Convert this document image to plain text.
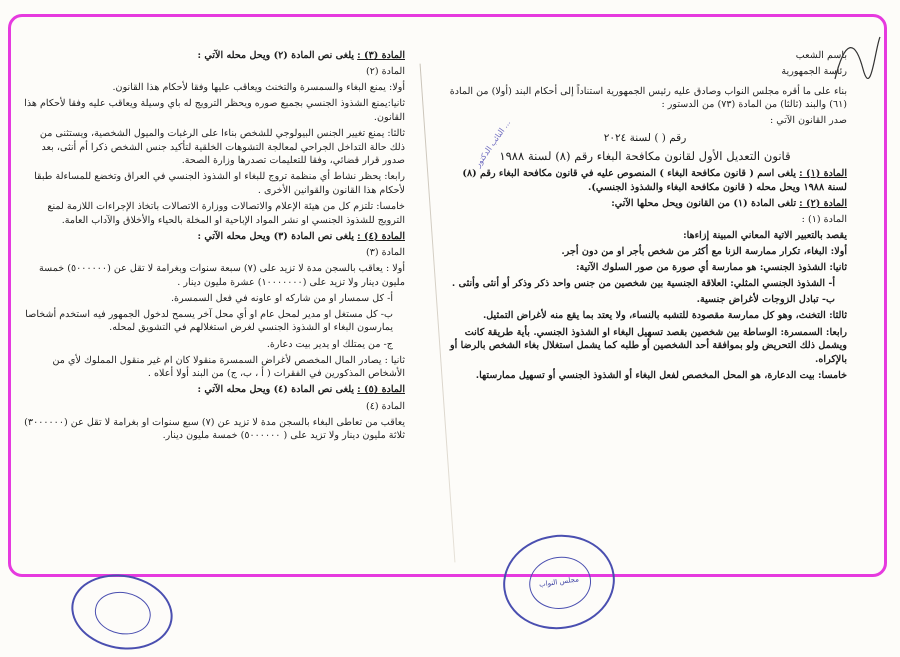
باسم الشعب

رئاسة الجمهورية

بناء على ما أقره مجلس النواب وصادق عليه رئيس الجمهورية استناداً إلى أحكام البند (أولا) من المادة (٦١) والبند (ثالثا) من المادة (٧٣) من الدستور :

صدر القانون الآتي :

رقم ( ) لسنة ٢٠٢٤

قانون التعديل الأول لقانون مكافحة البغاء رقم (٨) لسنة ١٩٨٨

المادة (١) : يلغى اسم ( قانون مكافحة البغاء ) المنصوص عليه في قانون مكافحة البغاء رقم (٨) لسنة ١٩٨٨ ويحل محله ( قانون مكافحة البغاء والشذوذ الجنسي).

المادة (٢) : تلغى المادة (١) من القانون ويحل محلها الآتي:

المادة (١) :

يقصد بالتعبير الاتية المعاني المبينة إزاءها:

أولا: البغاء، تكرار ممارسة الزنا مع أكثر من شخص بأجر او من دون أجر.

ثانيا: الشذوذ الجنسي: هو ممارسة أي صورة من صور السلوك الآتية:

أ- الشذوذ الجنسي المثلي: العلاقة الجنسية بين شخصين من جنس واحد ذكر وذكر أو أنثى وأنثى .

ب- تبادل الزوجات لأغراض جنسية.

ثالثا: التخنث، وهو كل ممارسة مقصودة للتشبه بالنساء، ولا يعتد بما يقع منه لأغراض التمثيل.

رابعا: السمسرة: الوساطة بين شخصين بقصد تسهيل البغاء او الشذوذ الجنسي. بأية طريقة كانت ويشمل ذلك التحريض ولو بموافقة أحد الشخصين أو طلبه كما يشمل استغلال بغاء الشخص بالرضا أو بالإكراه.

خامسا: بيت الدعارة، هو المحل المخصص لفعل البغاء أو الشذوذ الجنسي أو تسهيل ممارستها.

المادة (٣) : يلغى نص المادة (٢) ويحل محله الآتي :

المادة (٢)

أولا: يمنع البغاء والسمسرة والتخنث ويعاقب عليها وفقا لأحكام هذا القانون.

ثانيا:يمنع الشذوذ الجنسي بجميع صوره ويحظر الترويج له باي وسيلة ويعاقب عليه وفقا لأحكام هذا القانون.

ثالثا: يمنع تغيير الجنس البيولوجي للشخص بناءا على الرغبات والميول الشخصية، ويستثنى من ذلك حالة التداخل الجراحي لمعالجة التشوهات الخلقية لتأكيد جنس الشخص ذكرا أم أنثى، بعد صدور قرار قضائي، وفقا للتعليمات تصدرها وزارة الصحة.

رابعا: يحظر نشاط أي منظمة تروج للبغاء او الشذوذ الجنسي في العراق وتخضع للمساءلة طبقا لأحكام هذا القانون والقوانين الأخرى .

خامسا: تلتزم كل من هيئة الإعلام والاتصالات ووزارة الاتصالات باتخاذ الإجراءات اللازمة لمنع الترويج للشذوذ الجنسي او نشر المواد الإباحية او المخلة بالحياء والأخلاق والآداب العامة.

المادة (٤) : يلغى نص المادة (٣) ويحل محله الآتي :

المادة (٣)

أولا : يعاقب بالسجن مدة لا تزيد على (٧) سبعة سنوات وبغرامة لا تقل عن (٥٠٠٠٠٠٠) خمسة مليون دينار ولا تزيد على (١٠٠٠٠٠٠٠) عشرة مليون دينار .

أ- كل سمسار او من شاركه او عاونه في فعل السمسرة.

ب- كل مستغل او مدير لمحل عام او أي محل آخر يسمح لدخول الجمهور فيه استخدم أشخاصا يمارسون البغاء او الشذوذ الجنسي لغرض استغلالهم في التشويق لمحله.

ج- من يمتلك او يدير بيت دعارة.

ثانيا : يصادر المال المخصص لأغراض السمسرة منقولا كان ام غير منقول المملوك لأي من الأشخاص المذكورين في الفقرات ( أ ، ب، ج) من البند أولا أعلاه .

المادة (٥) : يلغى نص المادة (٤) ويحل محله الآتي :

المادة (٤)

يعاقب من تعاطى البغاء بالسجن مدة لا تزيد عن (٧) سبع سنوات او بغرامة لا تقل عن (٣٠٠٠٠٠٠) ثلاثة مليون دينار ولا تزيد على ( ٥٠٠٠٠٠٠) خمسة مليون دينار.

النائب الدكتور ...
مجلس النواب
